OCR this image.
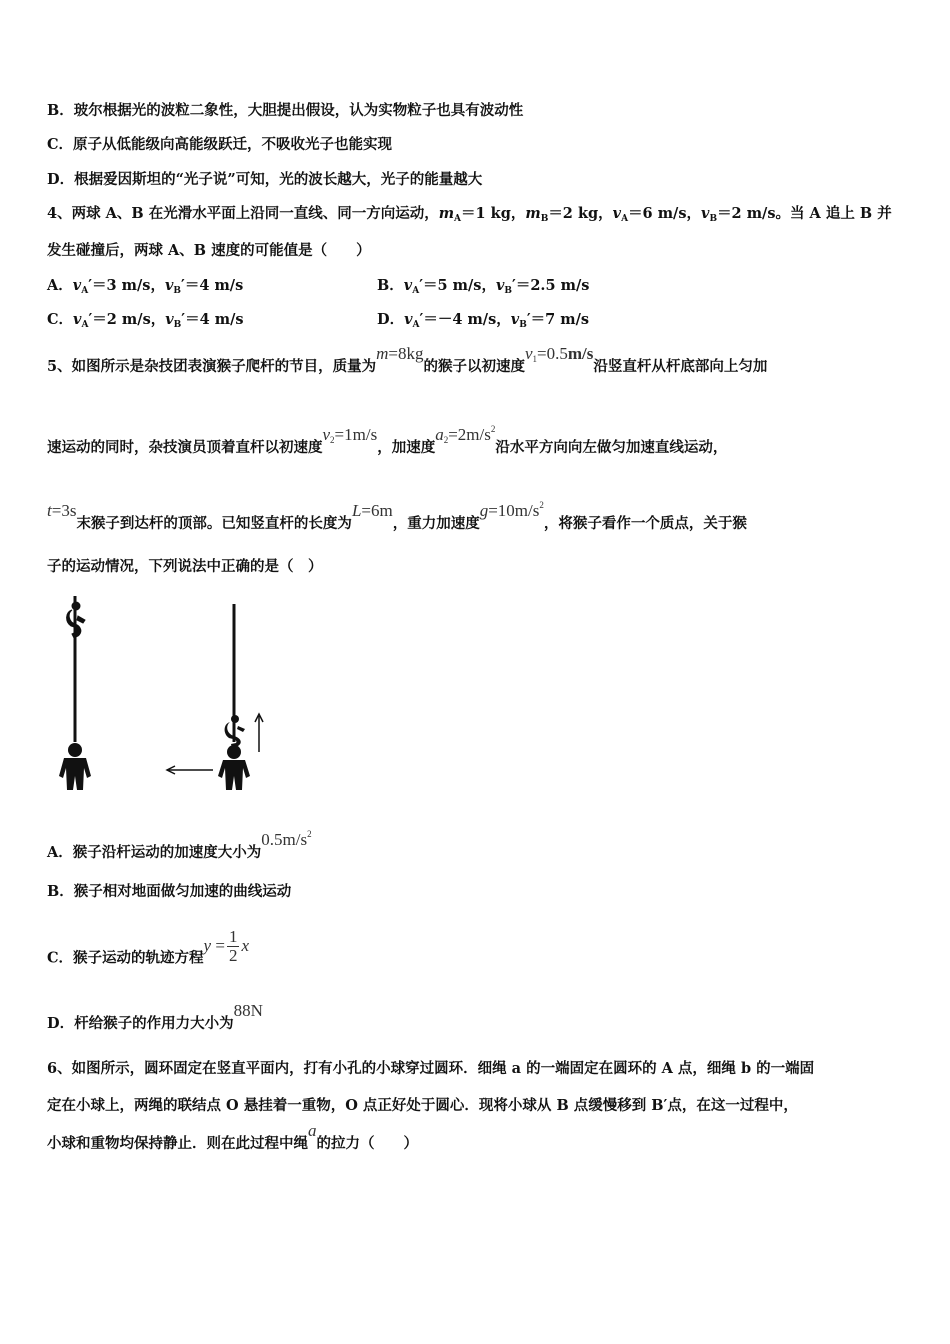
B．玻尔根据光的波粒二象性，大胆提出假设，认为实物粒子也具有波动性
C．原子从低能级向高能级跃迁，不吸收光子也能实现
D．根据爱因斯坦的“光子说”可知，光的波长越大，光子的能量越大
4、两球 A、B 在光滑水平面上沿同一直线、同一方向运动，$m_A=1$ kg，$m_B=2$ kg，$v_A=6$ m/s，$v_B=2$ m/s。当 A 追上 B 并
发生碰撞后，两球 A、B 速度的可能值是（　　）
A．$v_A'=3$ m/s，$v_B'=4$ m/s	B．$v_A'=5$ m/s，$v_B'=2.5$ m/s
C．$v_A'=2$ m/s，$v_B'=4$ m/s	D．$v_A'=-4$ m/s，$v_B'=7$ m/s
5、如图所示是杂技团表演猴子爬杆的节目，质量为m=8kg的猴子以初速度$v_1=0.5m/s$沿竖直杆从杆底部向上匀加
速运动的同时，杂技演员顶着直杆以初速度$v_2=1m/s$，加速度$a_2=2m/s^2$沿水平方向向左做匀加速直线运动，
t=3s末猴子到达杆的顶部。已知竖直杆的长度为L=6m，重力加速度$g=10m/s^2$，将猴子看作一个质点，关于猴
子的运动情况，下列说法中正确的是（　）
A．猴子沿杆运动的加速度大小为$0.5m/s^2$
B．猴子相对地面做匀加速的曲线运动
C．猴子运动的轨迹方程$y = \frac{1}{2}$ x
D．杆给猴子的作用力大小为88N
6、如图所示，圆环固定在竖直平面内，打有小孔的小球穿过圆环．细绳 a 的一端固定在圆环的 A 点，细绳 b 的一端固
定在小球上，两绳的联结点 O 悬挂着一重物，O 点正好处于圆心．现将小球从 B 点缓慢移到 B′点，在这一过程中，
小球和重物均保持静止．则在此过程中绳a的拉力（　　）
